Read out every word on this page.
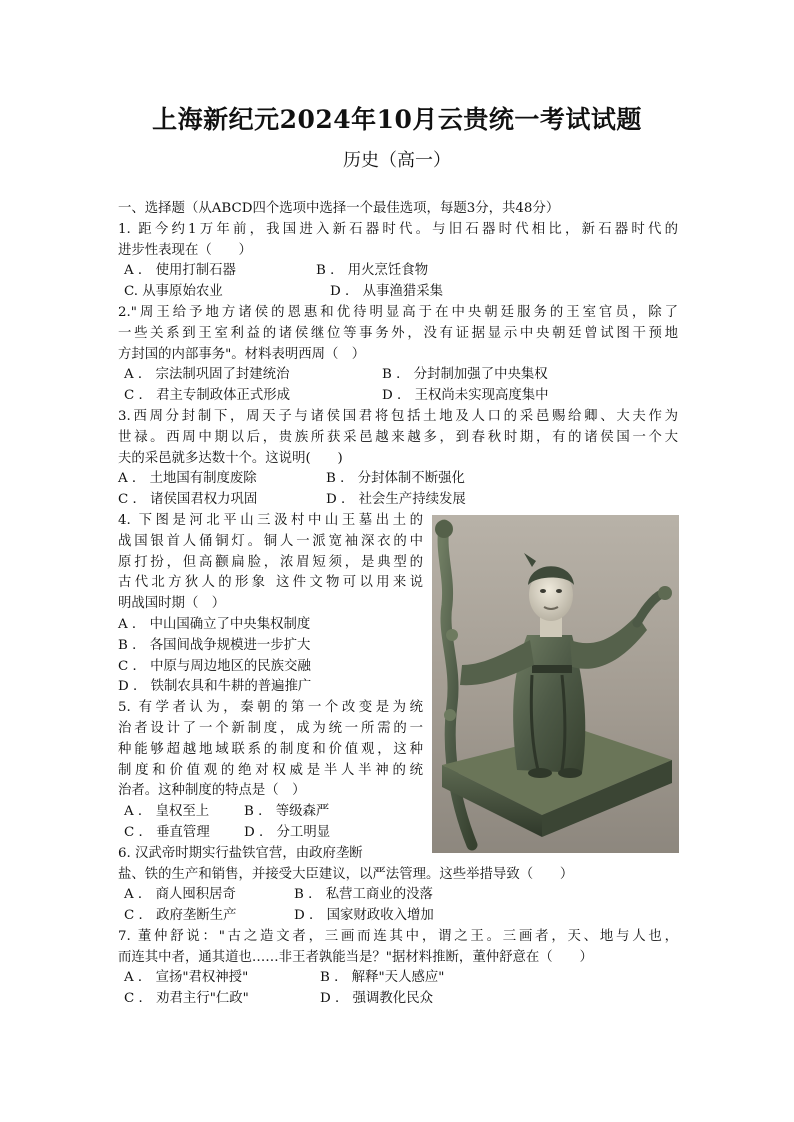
上海新纪元2024年10月云贵统一考试试题
历史（高一）
一、选择题（从ABCD四个选项中选择一个最佳选项，每题3分，共48分）
1. 距今约1万年前，我国进入新石器时代。与旧石器时代相比，新石器时代的
进步性表现在（　　）
A ． 使用打制石器	B ． 用火烹饪食物
C. 从事原始农业	D ． 从事渔猎采集
2."周王给予地方诸侯的恩惠和优待明显高于在中央朝廷服务的王室官员，除了
一些关系到王室利益的诸侯继位等事务外，没有证据显示中央朝廷曾试图干预地
方封国的内部事务"。材料表明西周（　）
A ． 宗法制巩固了封建统治	B ． 分封制加强了中央集权
C ． 君主专制政体正式形成	D ． 王权尚未实现高度集中
3.西周分封制下，周天子与诸侯国君将包括土地及人口的采邑赐给卿、大夫作为
世禄。西周中期以后，贵族所获采邑越来越多，到春秋时期，有的诸侯国一个大
夫的采邑就多达数十个。这说明(　　)
A ． 土地国有制度废除	B ． 分封体制不断强化
C ． 诸侯国君权力巩固	D ． 社会生产持续发展
4. 下图是河北平山三汲村中山王墓出土的
战国银首人俑铜灯。铜人一派宽袖深衣的中
原打扮，但高颧扁脸，浓眉短须，是典型的
古代北方狄人的形象 这件文物可以用来说
明战国时期（　）
A ． 中山国确立了中央集权制度
B ． 各国间战争规模进一步扩大
C ． 中原与周边地区的民族交融
D ． 铁制农具和牛耕的普遍推广
5. 有学者认为，秦朝的第一个改变是为统
治者设计了一个新制度，成为统一所需的一
种能够超越地域联系的制度和价值观，这种
制度和价值观的绝对权威是半人半神的统
治者。这种制度的特点是（　）
A ． 皇权至上	B ． 等级森严
C ． 垂直管理	D ． 分工明显
6. 汉武帝时期实行盐铁官营，由政府垄断
盐、铁的生产和销售，并接受大臣建议，以严法管理。这些举措导致（　　）
A ． 商人囤积居奇	B ． 私营工商业的没落
C ． 政府垄断生产	D ． 国家财政收入增加
7. 董仲舒说："古之造文者，三画而连其中，谓之王。三画者，天、地与人也，
而连其中者，通其道也……非王者孰能当是？"据材料推断，董仲舒意在（　　）
A ． 宣扬"君权神授"	B ． 解释"天人感应"
C ． 劝君主行"仁政"	D ． 强调教化民众
